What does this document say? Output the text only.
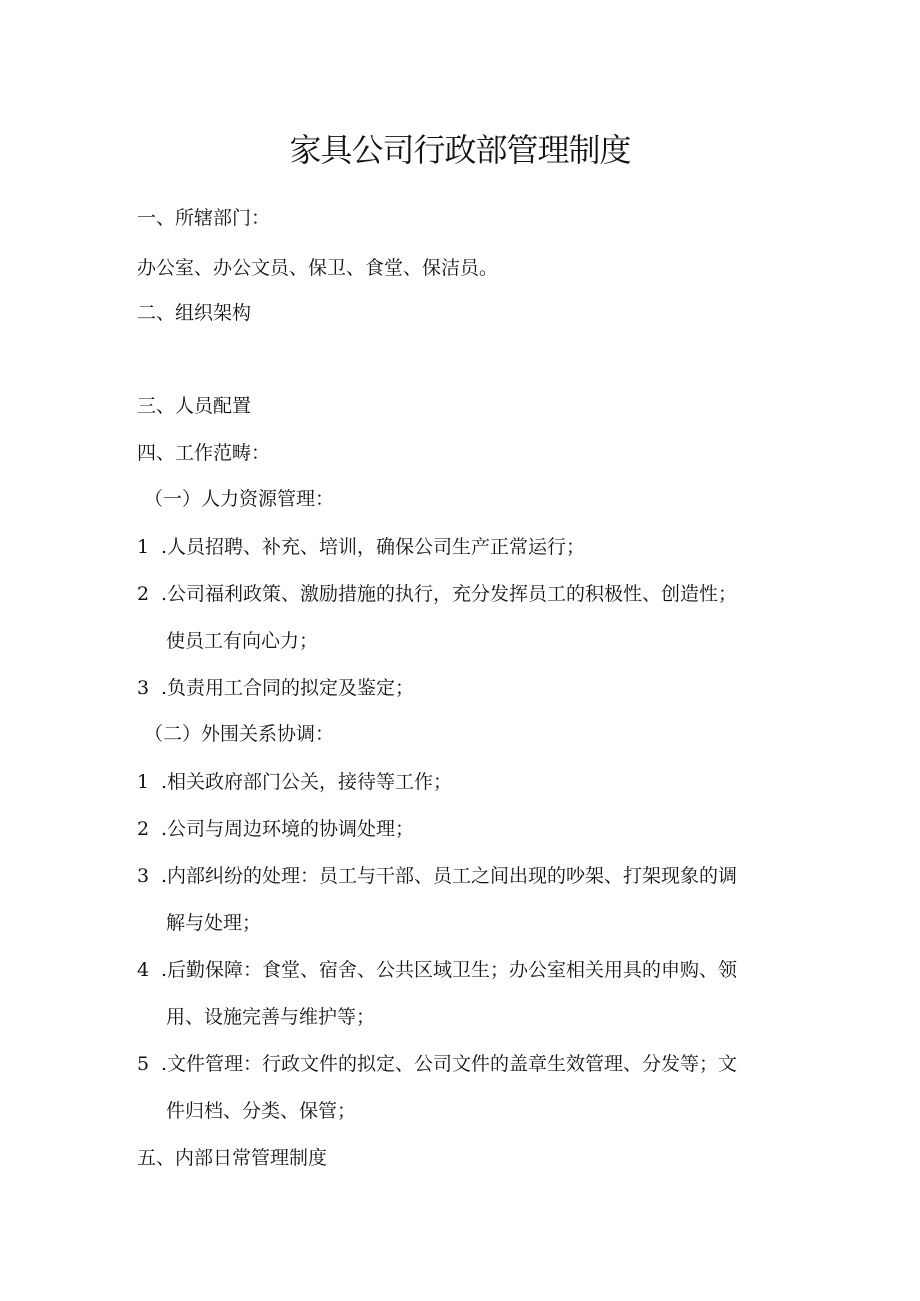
家具公司行政部管理制度
一、所辖部门：
办公室、办公文员、保卫、食堂、保洁员。
二、组织架构
三、人员配置
四、工作范畴：
（一）人力资源管理：
1 .人员招聘、补充、培训，确保公司生产正常运行；
2 .公司福利政策、激励措施的执行，充分发挥员工的积极性、创造性；
使员工有向心力；
3 .负责用工合同的拟定及鉴定；
（二）外围关系协调：
1 .相关政府部门公关，接待等工作；
2 .公司与周边环境的协调处理；
3 .内部纠纷的处理：员工与干部、员工之间出现的吵架、打架现象的调
解与处理；
4 .后勤保障：食堂、宿舍、公共区域卫生；办公室相关用具的申购、领
用、设施完善与维护等；
5 .文件管理：行政文件的拟定、公司文件的盖章生效管理、分发等；文
件归档、分类、保管；
五、内部日常管理制度
